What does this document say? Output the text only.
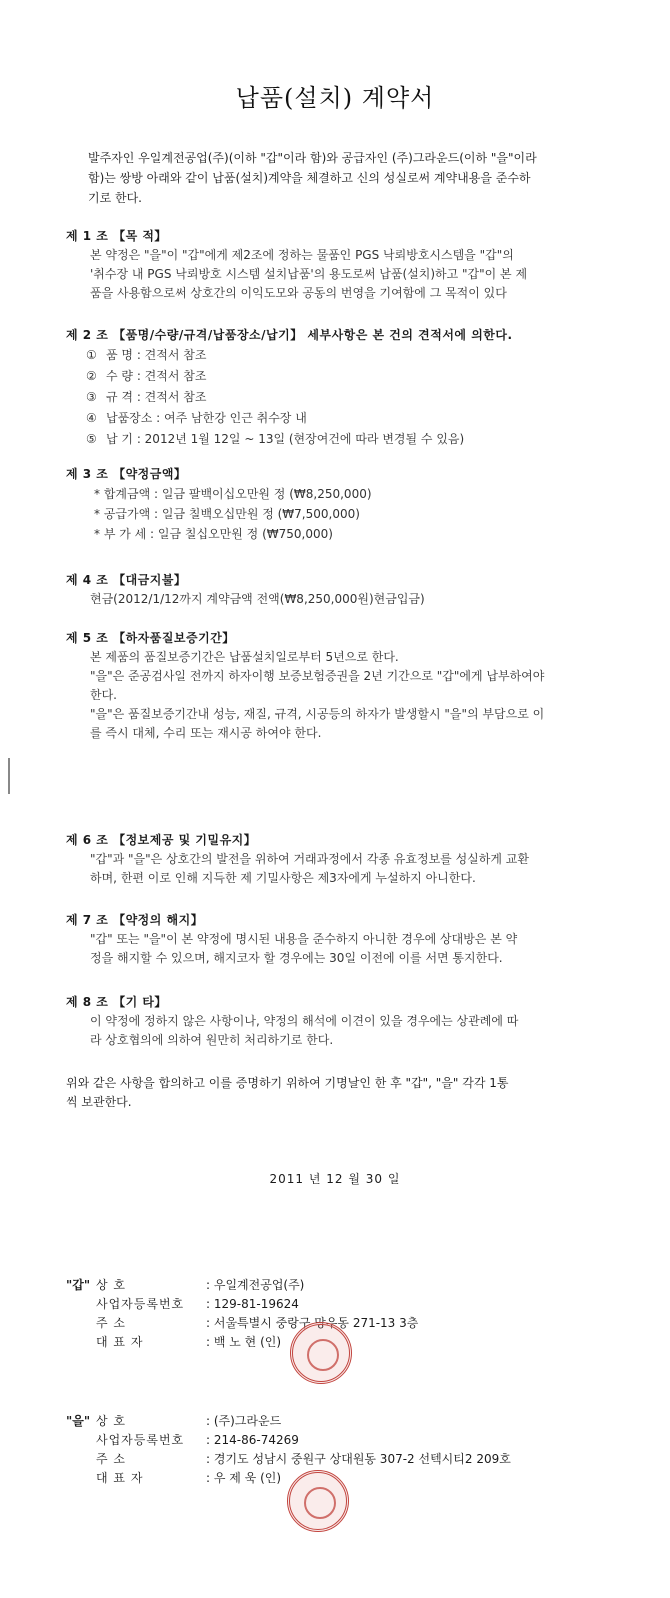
납품(설치) 계약서

발주자인 우일계전공업(주)(이하 "갑"이라 함)와 공급자인 (주)그라운드(이하 "을"이라

함)는 쌍방 아래와 같이 납품(설치)계약을 체결하고 신의 성실로써 계약내용을 준수하

기로 한다.

제 1 조 【목 적】

본 약정은 "을"이 "갑"에게 제2조에 정하는 물품인 PGS 낙뢰방호시스템을 "갑"의

'취수장 내 PGS 낙뢰방호 시스템 설치납품'의 용도로써 납품(설치)하고 "갑"이 본 제

품을 사용함으로써 상호간의 이익도모와 공동의 번영을 기여함에 그 목적이 있다

제 2 조 【품명/수량/규격/납품장소/납기】 세부사항은 본 건의 견적서에 의한다.
① 품 명 : 견적서 참조
② 수 량 : 견적서 참조
③ 규 격 : 견적서 참조
④ 납품장소 : 여주 남한강 인근 취수장 내
⑤ 납 기 : 2012년 1월 12일 ~ 13일 (현장여건에 따라 변경될 수 있음)
제 3 조 【약정금액】
* 합계금액 : 일금 팔백이십오만원 정 (₩8,250,000)
* 공급가액 : 일금 칠백오십만원 정 (₩7,500,000)
* 부 가 세 : 일금 칠십오만원 정 (₩750,000)
제 4 조 【대금지불】

현금(2012/1/12까지 계약금액 전액(₩8,250,000원)현금입금)

제 5 조 【하자품질보증기간】

본 제품의 품질보증기간은 납품설치일로부터 5년으로 한다.

"을"은 준공검사일 전까지 하자이행 보증보험증권을 2년 기간으로 "갑"에게 납부하여야

한다.

"을"은 품질보증기간내 성능, 재질, 규격, 시공등의 하자가 발생할시 "을"의 부담으로 이

를 즉시 대체, 수리 또는 재시공 하여야 한다.

제 6 조 【정보제공 및 기밀유지】

"갑"과 "을"은 상호간의 발전을 위하여 거래과정에서 각종 유효정보를 성실하게 교환

하며, 한편 이로 인해 지득한 제 기밀사항은 제3자에게 누설하지 아니한다.

제 7 조 【약정의 해지】

"갑" 또는 "을"이 본 약정에 명시된 내용을 준수하지 아니한 경우에 상대방은 본 약

정을 해지할 수 있으며, 해지코자 할 경우에는 30일 이전에 이를 서면 통지한다.

제 8 조 【기 타】

이 약정에 정하지 않은 사항이나, 약정의 해석에 이견이 있을 경우에는 상관례에 따

라 상호협의에 의하여 원만히 처리하기로 한다.

위와 같은 사항을 합의하고 이를 증명하기 위하여 기명날인 한 후 "갑", "을" 각각 1통

씩 보관한다.

2011 년 12 월 30 일
"갑" 상 호	: 우일계전공업(주)
사업자등록번호	: 129-81-19624
주 소	: 서울특별시 중랑구 망우동 271-13 3층
대 표 자	: 백 노 현 (인)
"을" 상 호	: (주)그라운드
사업자등록번호	: 214-86-74269
주 소	: 경기도 성남시 중원구 상대원동 307-2 선텍시티2 209호
대 표 자	: 우 제 욱 (인)
